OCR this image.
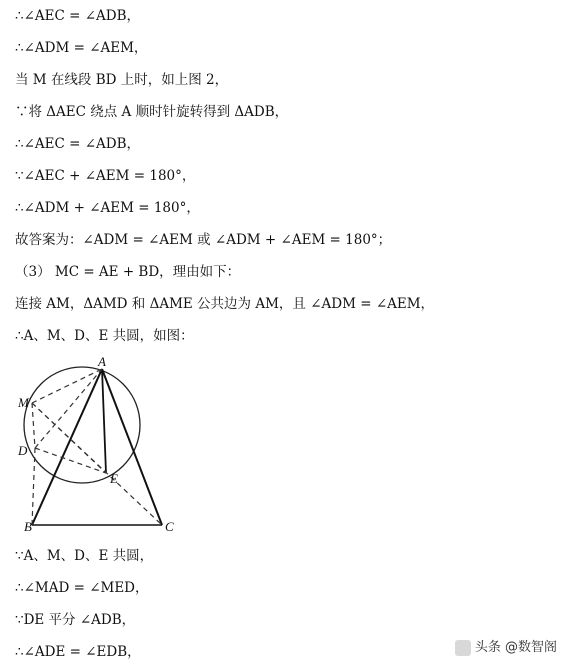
∴∠AEC = ∠ADB，
∴∠ADM = ∠AEM，
当 M 在线段 BD 上时，如上图 2，
∵将 ΔAEC 绕点 A 顺时针旋转得到 ΔADB，
∴∠AEC = ∠ADB，
∵∠AEC + ∠AEM = 180°，
∴∠ADM + ∠AEM = 180°，
故答案为：∠ADM = ∠AEM 或 ∠ADM + ∠AEM = 180°；
（3） MC = AE + BD，理由如下：
连接 AM，ΔAMD 和 ΔAME 公共边为 AM，且 ∠ADM = ∠AEM，
∴A、M、D、E 共圆，如图：
A
M
D
E
B	C
∵A、M、D、E 共圆，
∴∠MAD = ∠MED，
∵DE 平分 ∠ADB，
∴∠ADE = ∠EDB，	头条 @数智阁
